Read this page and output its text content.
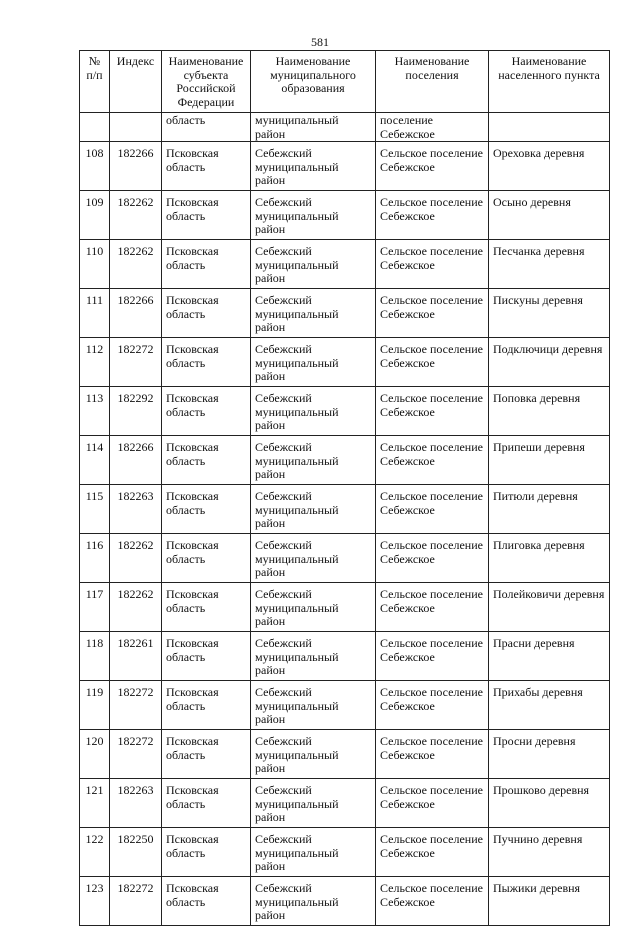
581
№ п/п	Индекс	Наименование субъекта Российской Федерации	Наименование муниципального образования	Наименование поселения	Наименование населенного пункта
		область	муниципальный район	поселение Себежское	
108	182266	Псковская область	Себежский муниципальный район	Сельское поселение Себежское	Ореховка деревня
109	182262	Псковская область	Себежский муниципальный район	Сельское поселение Себежское	Осыно деревня
110	182262	Псковская область	Себежский муниципальный район	Сельское поселение Себежское	Песчанка деревня
111	182266	Псковская область	Себежский муниципальный район	Сельское поселение Себежское	Пискуны деревня
112	182272	Псковская область	Себежский муниципальный район	Сельское поселение Себежское	Подключици деревня
113	182292	Псковская область	Себежский муниципальный район	Сельское поселение Себежское	Поповка деревня
114	182266	Псковская область	Себежский муниципальный район	Сельское поселение Себежское	Припеши деревня
115	182263	Псковская область	Себежский муниципальный район	Сельское поселение Себежское	Питюли деревня
116	182262	Псковская область	Себежский муниципальный район	Сельское поселение Себежское	Плиговка деревня
117	182262	Псковская область	Себежский муниципальный район	Сельское поселение Себежское	Полейковичи деревня
118	182261	Псковская область	Себежский муниципальный район	Сельское поселение Себежское	Прасни деревня
119	182272	Псковская область	Себежский муниципальный район	Сельское поселение Себежское	Прихабы деревня
120	182272	Псковская область	Себежский муниципальный район	Сельское поселение Себежское	Просни деревня
121	182263	Псковская область	Себежский муниципальный район	Сельское поселение Себежское	Прошково деревня
122	182250	Псковская область	Себежский муниципальный район	Сельское поселение Себежское	Пучнино деревня
123	182272	Псковская область	Себежский муниципальный район	Сельское поселение Себежское	Пыжики деревня
